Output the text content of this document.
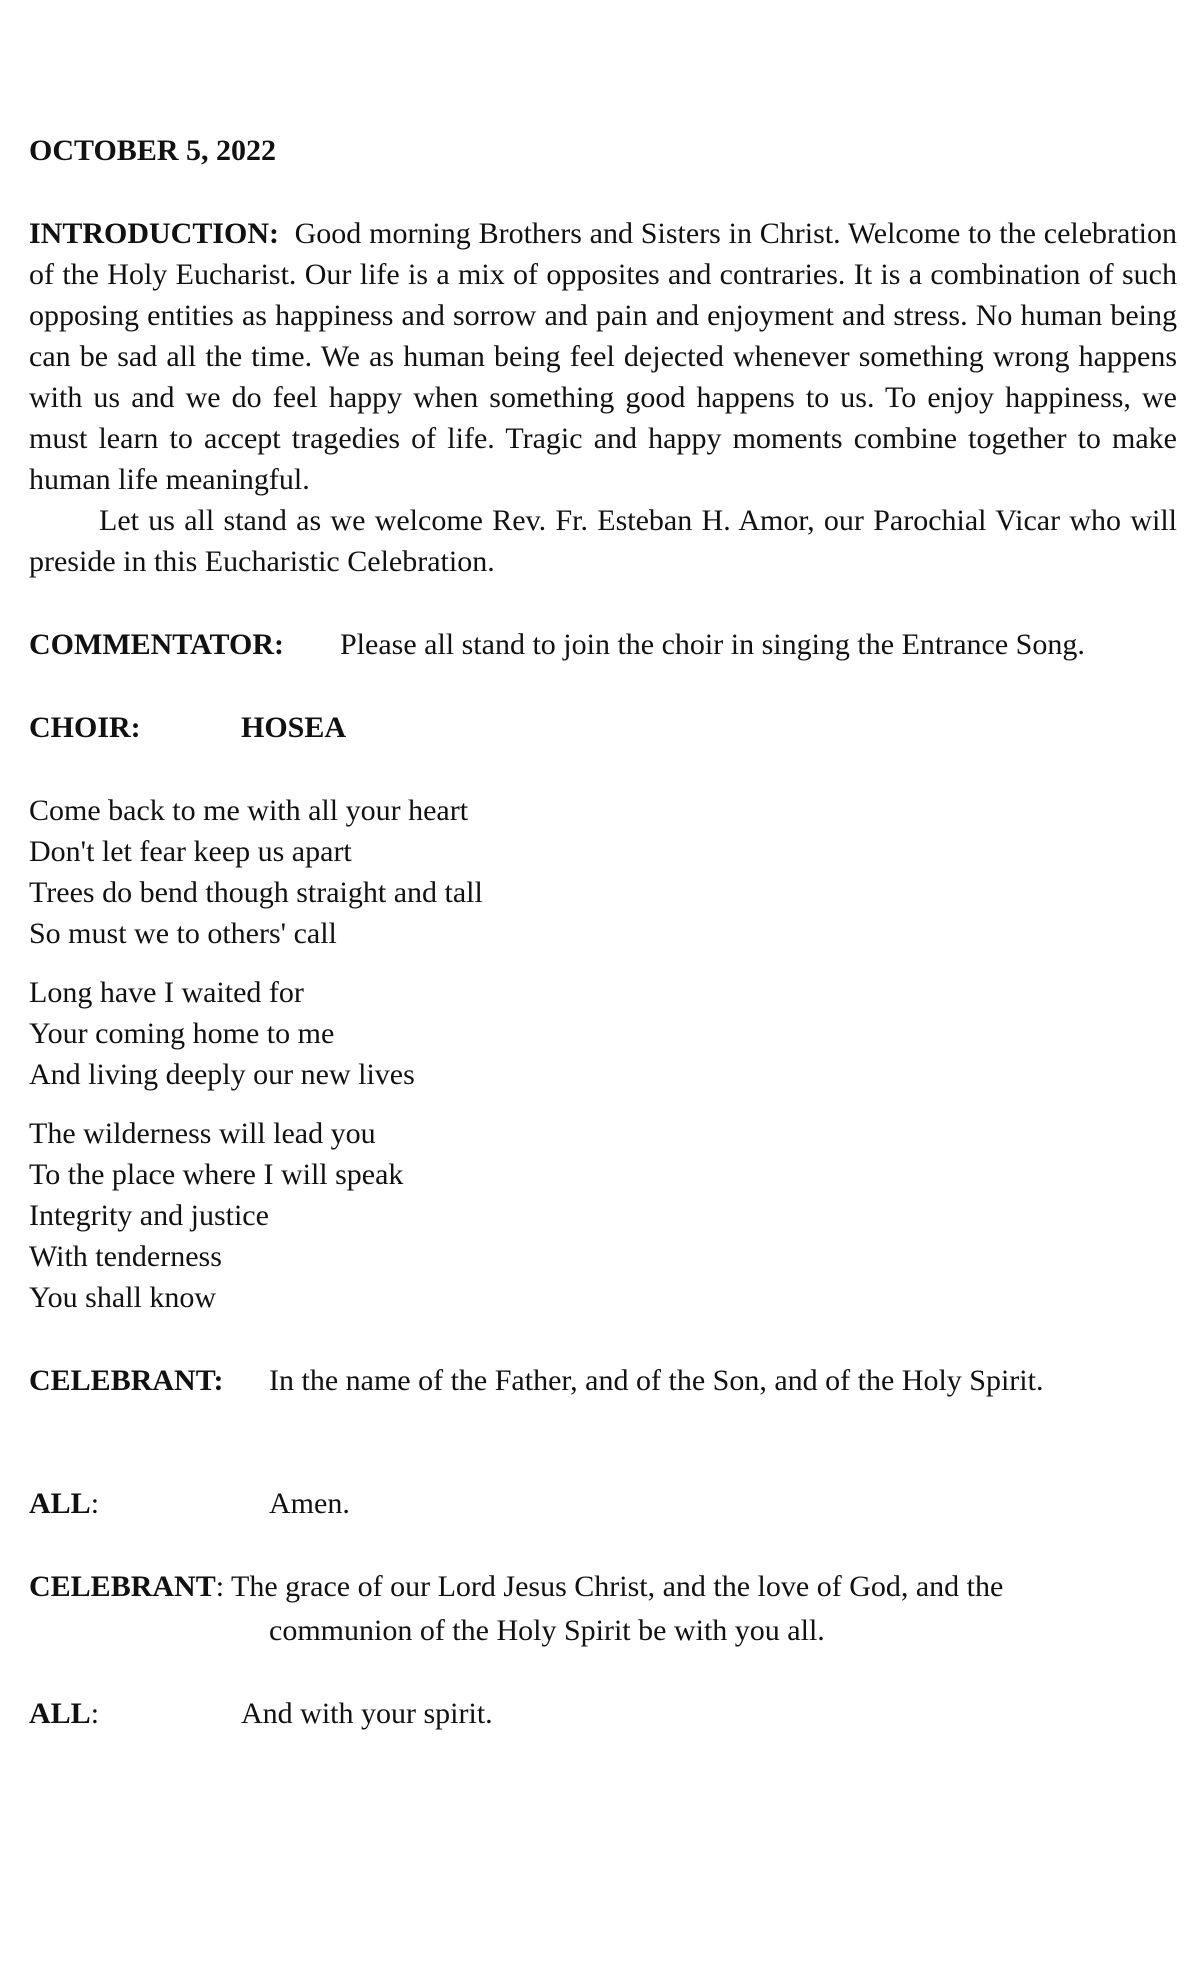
OCTOBER 5, 2022

INTRODUCTION: Good morning Brothers and Sisters in Christ. Welcome to the celebration of the Holy Eucharist. Our life is a mix of opposites and contraries. It is a combination of such opposing entities as happiness and sorrow and pain and enjoyment and stress. No human being can be sad all the time. We as human being feel dejected whenever something wrong happens with us and we do feel happy when something good happens to us. To enjoy happiness, we must learn to accept tragedies of life. Tragic and happy moments combine together to make human life meaningful.

Let us all stand as we welcome Rev. Fr. Esteban H. Amor, our Parochial Vicar who will preside in this Eucharistic Celebration.

COMMENTATOR:	Please all stand to join the choir in singing the Entrance Song.
CHOIR:	HOSEA
Come back to me with all your heart
Don't let fear keep us apart
Trees do bend though straight and tall
So must we to others' call
Long have I waited for
Your coming home to me
And living deeply our new lives
The wilderness will lead you
To the place where I will speak
Integrity and justice
With tenderness
You shall know
CELEBRANT:	In the name of the Father, and of the Son, and of the Holy Spirit.
ALL:	Amen.

CELEBRANT: The grace of our Lord Jesus Christ, and the love of God, and the

communion of the Holy Spirit be with you all.

ALL:	And with your spirit.
